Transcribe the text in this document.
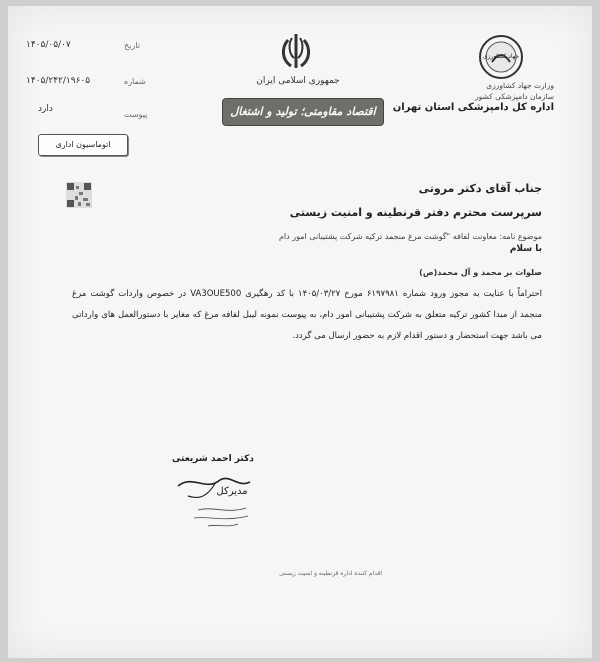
۱۴۰۵/۰۵/۰۷	تاریخ
۱۴۰۵/۲۴۲/۱۹۶۰۵	شماره
دارد
پیوست
جمهوری اسلامی ایران
اقتصاد مقاومتی؛ تولید و اشتغال
جهاد کشاورزی
وزارت جهاد کشاورزی
سازمان دامپزشکی کشور
اداره کل دامپزشکی استان تهران
اتوماسیون اداری
جناب آقای دکتر مروتی
سرپرست محترم دفتر قرنطینه و امنیت زیستی
موضوع نامه: معاونت لفافه "گوشت مرغ منجمد ترکیه شرکت پشتیبانی امور دام
با سلام
صلوات بر محمد و آل محمد(ص)
احتراماً با عنایت به مجوز ورود شماره ۶۱۹۷۹۸۱ مورخ ۱۴۰۵/۰۳/۲۷ با کد رهگیری VA3OUE500 در خصوص واردات گوشت مرغ منجمد از مبدا کشور ترکیه متعلق به شرکت پشتیبانی امور دام، به پیوست نمونه لیبل لفافه مرغ که مغایر با دستورالعمل های وارداتی می باشد جهت استحضار و دستور اقدام لازم به حضور ارسال می گردد.
دکتر احمد شریعتی
مدیرکل
اقدام کننده اداره قرنطینه و امنیت زیستی
